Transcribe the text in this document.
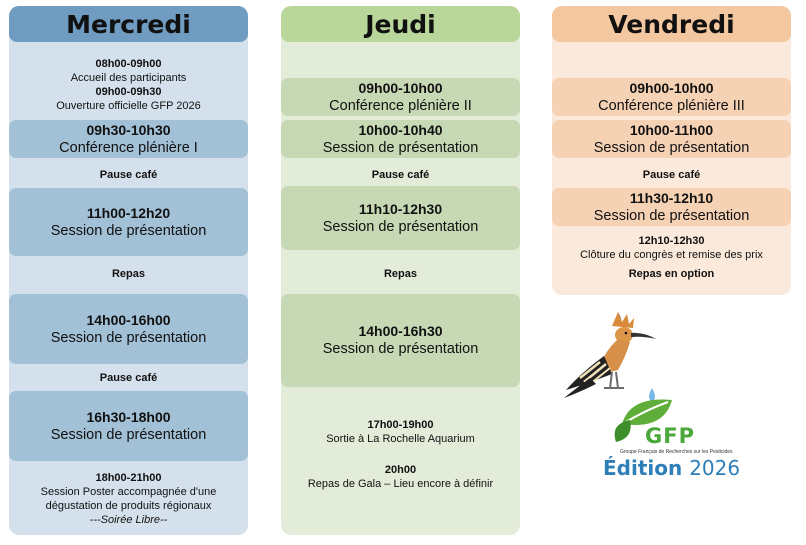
Mercredi
08h00-09h00
Accueil des participants
09h00-09h30
Ouverture officielle GFP 2026
09h30-10h30
Conférence plénière I
Pause café
11h00-12h20
Session de présentation
Repas
14h00-16h00
Session de présentation
Pause café
16h30-18h00
Session de présentation
18h00-21h00
Session Poster accompagnée d'une
dégustation de produits régionaux
---Soirée Libre--
Jeudi
09h00-10h00
Conférence plénière II
10h00-10h40
Session de présentation
Pause café
11h10-12h30
Session de présentation
Repas
14h00-16h30
Session de présentation
17h00-19h00
Sortie à La Rochelle Aquarium
20h00
Repas de Gala – Lieu encore à définir
Vendredi
09h00-10h00
Conférence plénière III
10h00-11h00
Session de présentation
Pause café
11h30-12h10
Session de présentation
12h10-12h30
Clôture du congrès et remise des prix
Repas en option
GFP
Groupe Français de Recherches sur les Pesticides
Édition 2026
